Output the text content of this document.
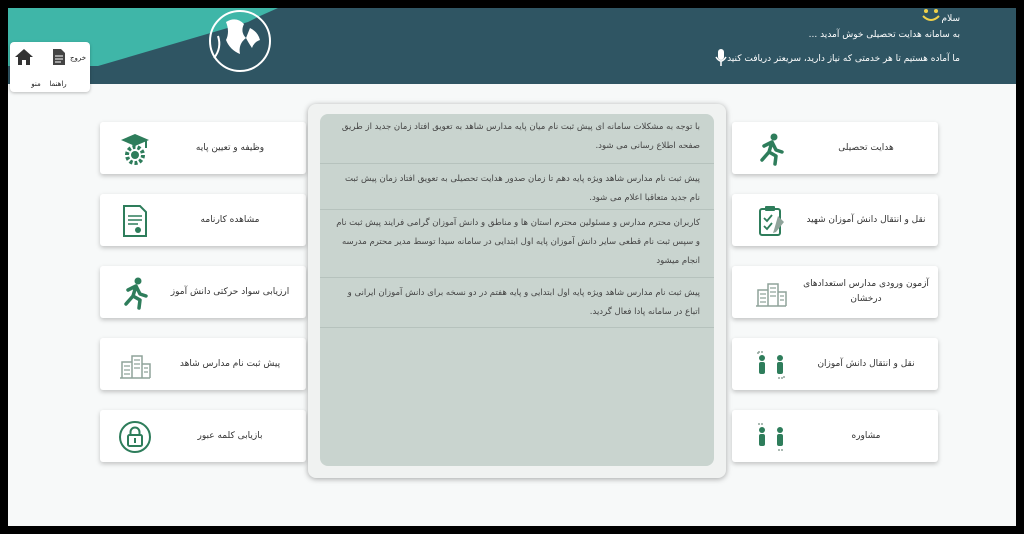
سلام
به سامانه هدایت تحصیلی خوش آمدید ...
ما آماده هستیم تا هر خدمتی که نیاز دارید، سریعتر دریافت کنید
منو
خروج
راهنما
وظیفه و تعیین پایه
مشاهده کارنامه
ارزیابی سواد حرکتی دانش آموز
پیش ثبت نام مدارس شاهد
بازیابی کلمه عبور
با توجه به مشکلات سامانه ای پیش ثبت نام میان پایه مدارس شاهد به تعویق افتاد زمان جدید از طریق صفحه اطلاع رسانی می شود.
پیش ثبت نام مدارس شاهد ویژه پایه دهم تا زمان صدور هدایت تحصیلی به تعویق افتاد زمان پیش ثبت نام جدید متعاقبا اعلام می شود.
کاربران محترم مدارس و مسئولین محترم استان ها و مناطق و دانش آموزان گرامی فرایند پیش ثبت نام و سپس ثبت نام قطعی سایر دانش آموزان پایه اول ابتدایی در سامانه سیدا توسط مدیر محترم مدرسه انجام میشود
پیش ثبت نام مدارس شاهد ویژه پایه اول ابتدایی و پایه هفتم در دو نسخه برای دانش آموزان ایرانی و اتباع در سامانه پادا فعال گردید.
هدایت تحصیلی
نقل و انتقال دانش آموزان شهید
آزمون ورودی مدارس استعدادهای درخشان
نقل و انتقال دانش آموزان
مشاوره
